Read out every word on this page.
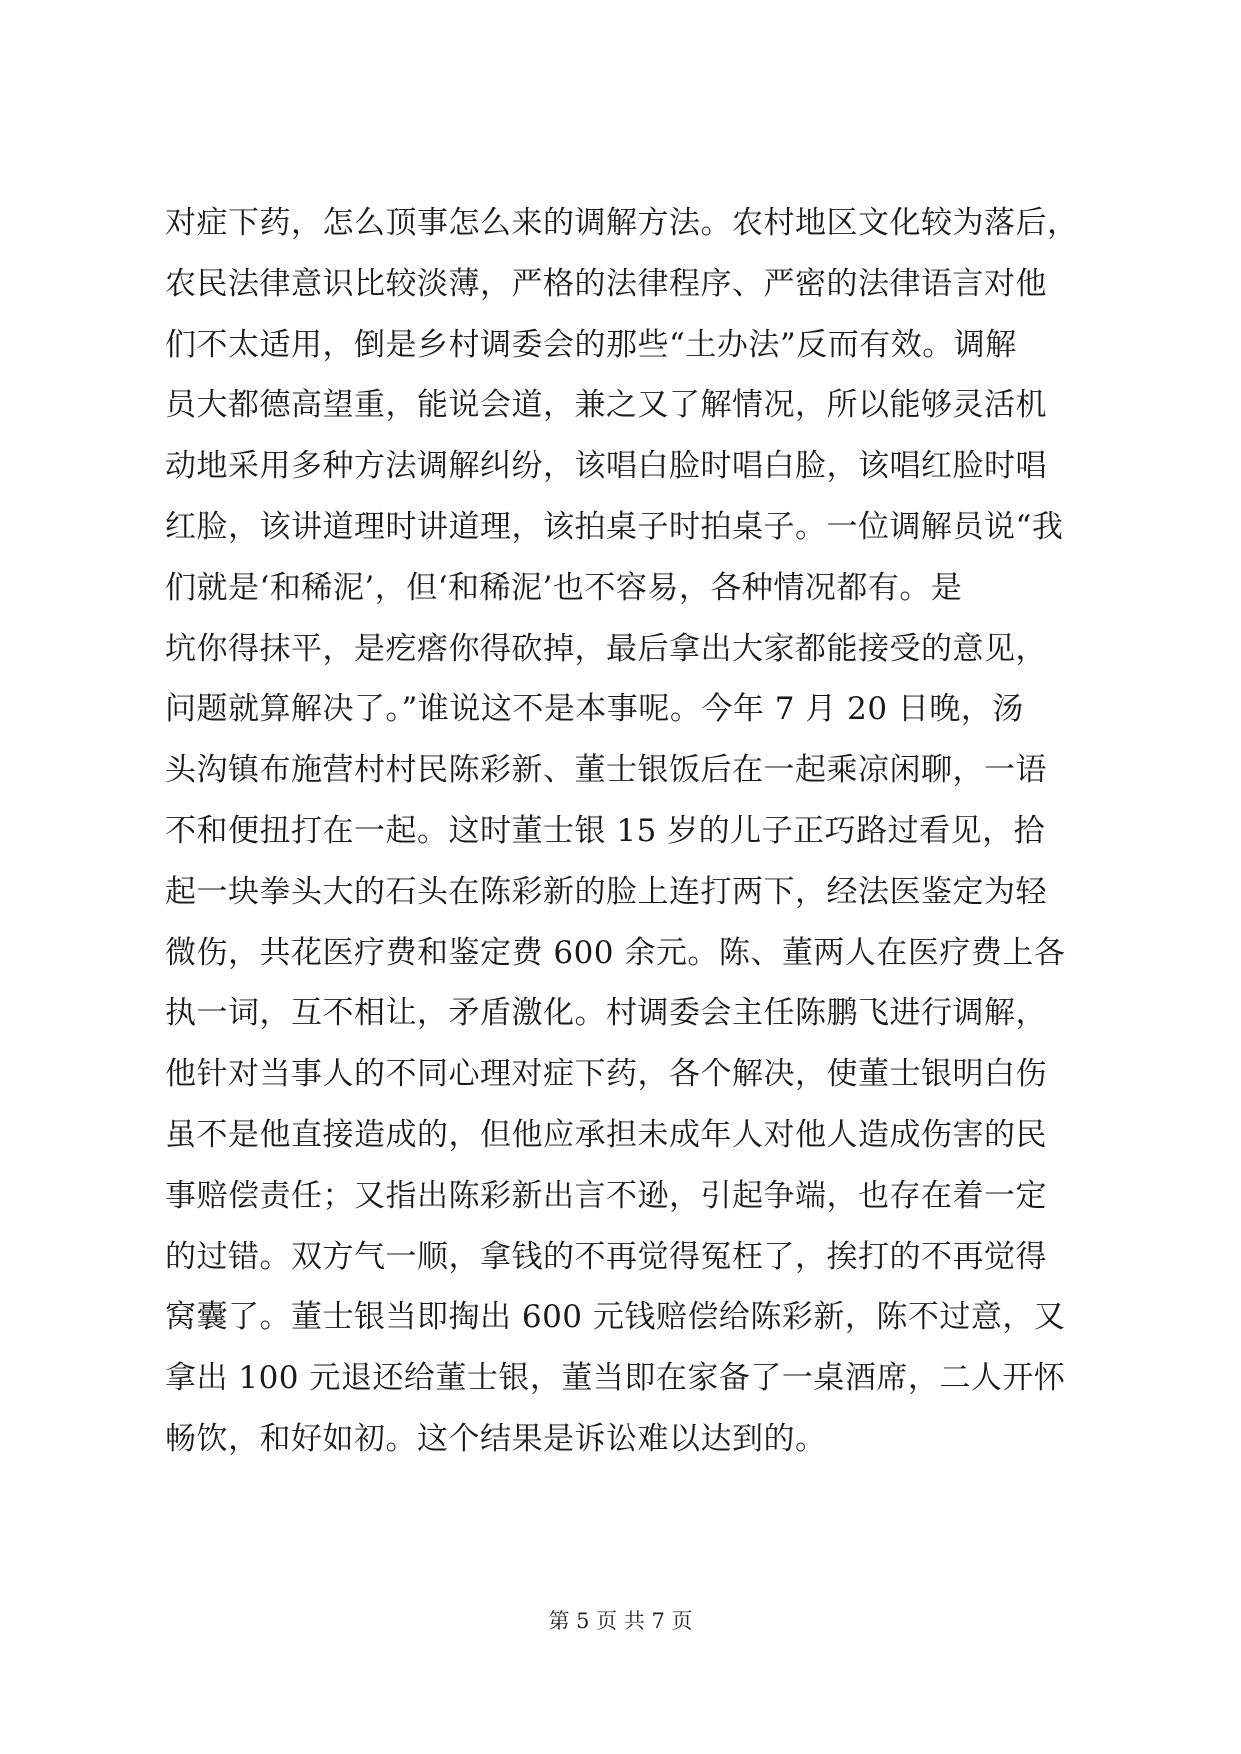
对症下药，怎么顶事怎么来的调解方法。农村地区文化较为落后，
农民法律意识比较淡薄，严格的法律程序、严密的法律语言对他
们不太适用，倒是乡村调委会的那些“土办法”反而有效。调解
员大都德高望重，能说会道，兼之又了解情况，所以能够灵活机
动地采用多种方法调解纠纷，该唱白脸时唱白脸，该唱红脸时唱
红脸，该讲道理时讲道理，该拍桌子时拍桌子。一位调解员说“我
们就是‘和稀泥’，但‘和稀泥’也不容易，各种情况都有。是
坑你得抹平，是疙瘩你得砍掉，最后拿出大家都能接受的意见，
问题就算解决了。”谁说这不是本事呢。今年 7 月 20 日晚，汤
头沟镇布施营村村民陈彩新、董士银饭后在一起乘凉闲聊，一语
不和便扭打在一起。这时董士银 15 岁的儿子正巧路过看见，拾
起一块拳头大的石头在陈彩新的脸上连打两下，经法医鉴定为轻
微伤，共花医疗费和鉴定费 600 余元。陈、董两人在医疗费上各
执一词，互不相让，矛盾激化。村调委会主任陈鹏飞进行调解，
他针对当事人的不同心理对症下药，各个解决，使董士银明白伤
虽不是他直接造成的，但他应承担未成年人对他人造成伤害的民
事赔偿责任；又指出陈彩新出言不逊，引起争端，也存在着一定
的过错。双方气一顺，拿钱的不再觉得冤枉了，挨打的不再觉得
窝囊了。董士银当即掏出 600 元钱赔偿给陈彩新，陈不过意，又
拿出 100 元退还给董士银，董当即在家备了一桌酒席，二人开怀
畅饮，和好如初。这个结果是诉讼难以达到的。
第 5 页 共 7 页
